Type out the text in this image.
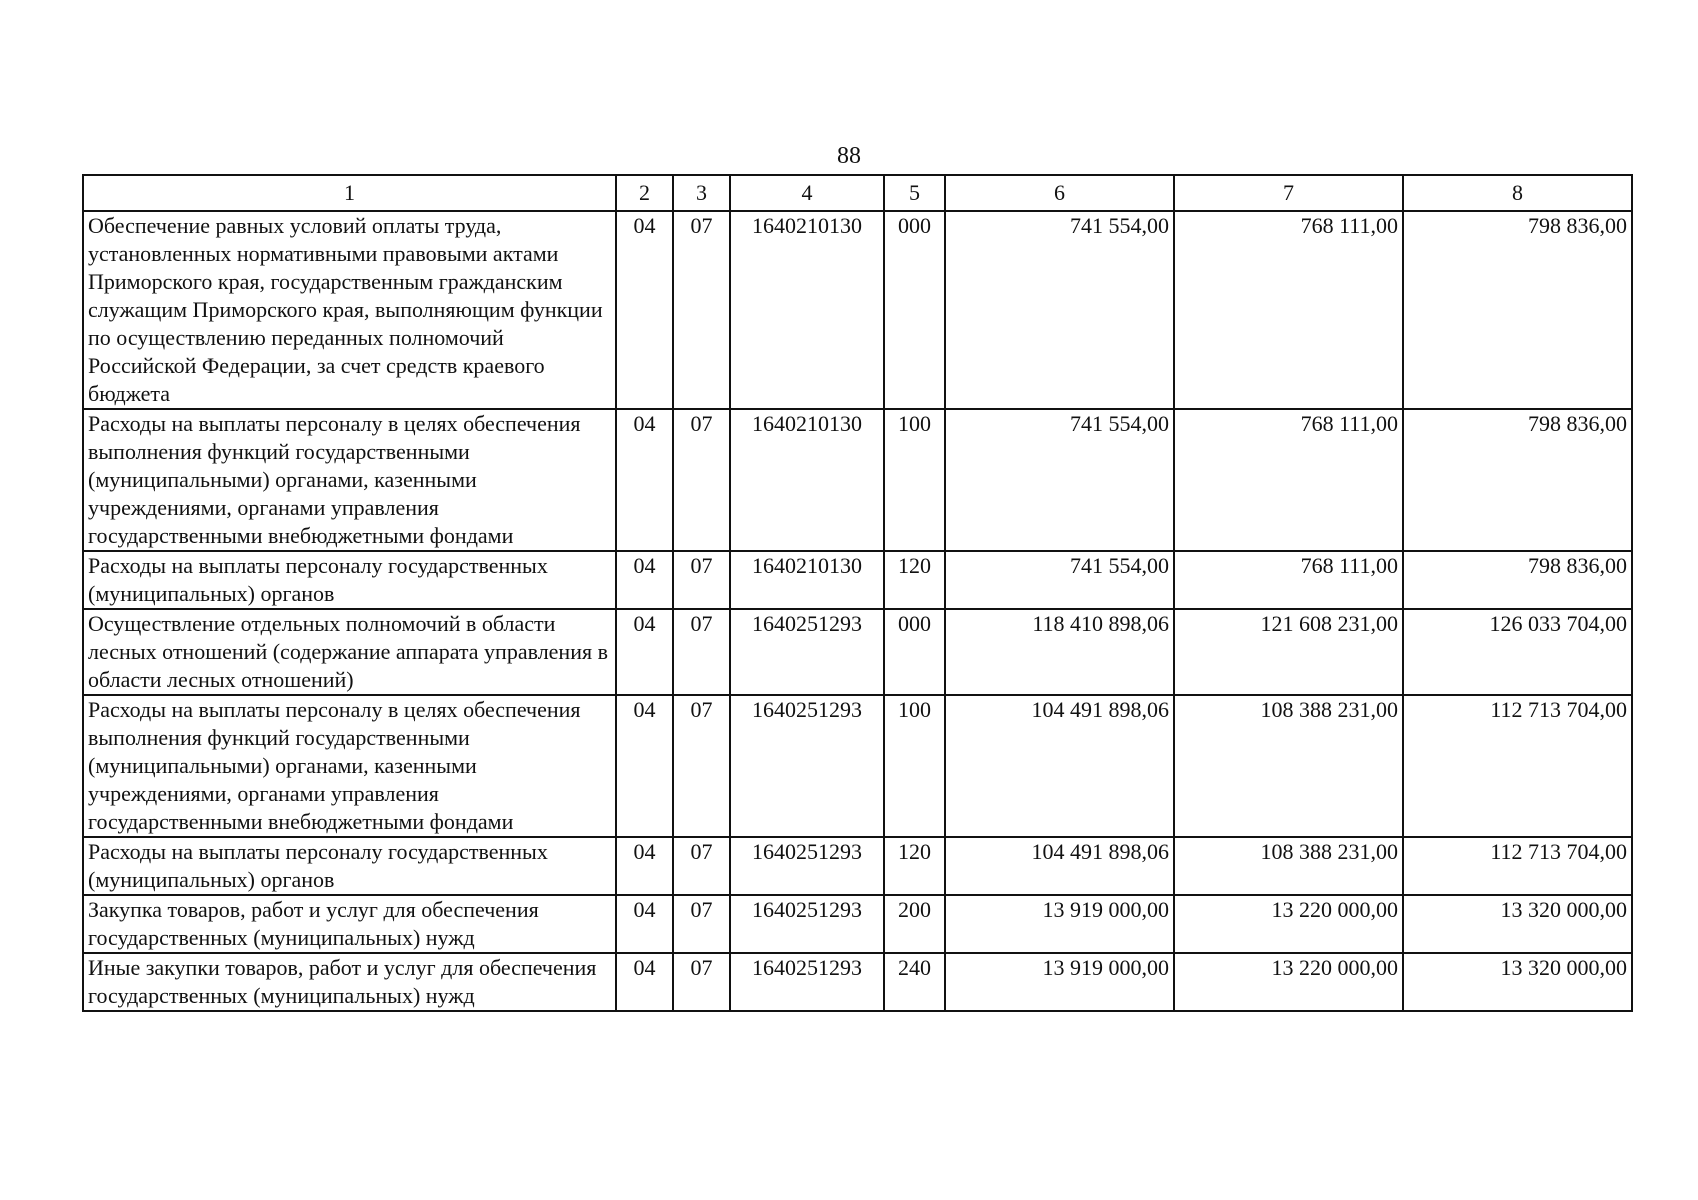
88
1	2	3	4	5	6	7	8
Обеспечение равных условий оплаты труда, установленных нормативными правовыми актами Приморского края, государственным гражданским служащим Приморского края, выполняющим функции по осуществлению переданных полномочий Российской Федерации, за счет средств краевого бюджета	04	07	1640210130	000	741 554,00	768 111,00	798 836,00
Расходы на выплаты персоналу в целях обеспечения выполнения функций государственными (муниципальными) органами, казенными учреждениями, органами управления государственными внебюджетными фондами	04	07	1640210130	100	741 554,00	768 111,00	798 836,00
Расходы на выплаты персоналу государственных (муниципальных) органов	04	07	1640210130	120	741 554,00	768 111,00	798 836,00
Осуществление отдельных полномочий в области лесных отношений (содержание аппарата управления в области лесных отношений)	04	07	1640251293	000	118 410 898,06	121 608 231,00	126 033 704,00
Расходы на выплаты персоналу в целях обеспечения выполнения функций государственными (муниципальными) органами, казенными учреждениями, органами управления государственными внебюджетными фондами	04	07	1640251293	100	104 491 898,06	108 388 231,00	112 713 704,00
Расходы на выплаты персоналу государственных (муниципальных) органов	04	07	1640251293	120	104 491 898,06	108 388 231,00	112 713 704,00
Закупка товаров, работ и услуг для обеспечения государственных (муниципальных) нужд	04	07	1640251293	200	13 919 000,00	13 220 000,00	13 320 000,00
Иные закупки товаров, работ и услуг для обеспечения государственных (муниципальных) нужд	04	07	1640251293	240	13 919 000,00	13 220 000,00	13 320 000,00
